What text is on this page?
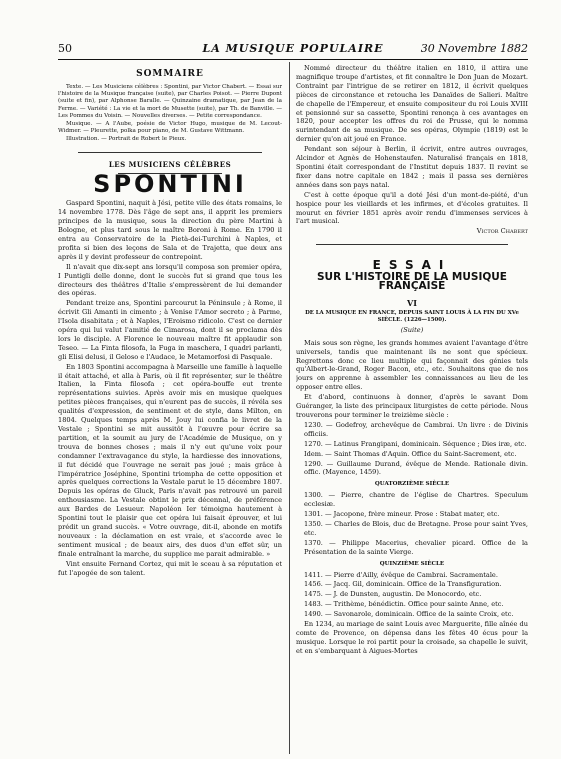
LA MUSIQUE POPULAIRE
50	30 Novembre 1882
SOMMAIRE

Texte. — Les Musiciens célèbres : Spontini, par Victor Chabert. — Essai sur l'histoire de la Musique française (suite), par Charles Poisot. — Pierre Dupont (suite et fin), par Alphonse Baralle. — Quinzaine dramatique, par Jean de la Ferme. — Variété : La vie et la mort de Musette (suite), par Th. de Banville. — Les Pommes du Voisin. — Nouvelles diverses. — Petite correspondance.

Musique. — A l'Aube, poésie de Victor Hugo, musique de M. Lecout-Widmer. — Pleurette, polka pour piano, de M. Gustave Wittmann.

Illustration. — Portrait de Robert le Pieux.

LES MUSICIENS CÉLÈBRES
SPONTINI

Gaspard Spontini, naquit à Jési, petite ville des états romains, le 14 novembre 1778. Dès l'âge de sept ans, il apprit les premiers principes de la musique, sous la direction du père Martini à Bologne, et plus tard sous le maître Boroni à Rome. En 1790 il entra au Conservatoire de la Pietà-dei-Turchini à Naples, et profita si bien des leçons de Sala et de Trajetta, que deux ans après il y devint professeur de contrepoint.

Il n'avait que dix-sept ans lorsqu'il composa son premier opéra, I Puntigli delle donne, dont le succès fut si grand que tous les directeurs des théâtres d'Italie s'empressèrent de lui demander des opéras.

Pendant treize ans, Spontini parcourut la Péninsule ; à Rome, il écrivit Gli Amanti in cimento ; à Venise l'Amor secreto ; à Parme, l'Isola disabitata ; et à Naples, l'Eroismo ridicolo. C'est ce dernier opéra qui lui valut l'amitié de Cimarosa, dont il se proclama dès lors le disciple. A Florence le nouveau maître fit applaudir son Teseo. — La Finta filosofa, la Fuga in maschera, I quadri parlanti, gli Elisi delusi, il Geloso e l'Audace, le Metamorfosi di Pasquale.

En 1803 Spontini accompagna à Marseille une famille à laquelle il était attaché, et alla à Paris, où il fit représenter, sur le théâtre Italien, la Finta filosofa ; cet opéra-bouffe eut trente représentations suivies. Après avoir mis en musique quelques petites pièces françaises, qui n'eurent pas de succès, il révéla ses qualités d'expression, de sentiment et de style, dans Milton, en 1804. Quelques temps après M. Jouy lui confia le livret de la Vestale ; Spontini se mit aussitôt à l'œuvre pour écrire sa partition, et la soumit au jury de l'Académie de Musique, on y trouva de bonnes choses ; mais il n'y eut qu'une voix pour condamner l'extravagance du style, la hardiesse des innovations, il fut décidé que l'ouvrage ne serait pas joué ; mais grâce à l'impératrice Joséphine, Spontini triompha de cette opposition et après quelques corrections la Vestale parut le 15 décembre 1807. Depuis les opéras de Gluck, Paris n'avait pas retrouvé un pareil enthousiasme. La Vestale obtint le prix décennal, de préférence aux Bardes de Lesueur. Napoléon Ier témoigna hautement à Spontini tout le plaisir que cet opéra lui faisait éprouver, et lui prédit un grand succès. « Votre ouvrage, dit-il, abonde en motifs nouveaux : la déclamation en est vraie, et s'accorde avec le sentiment musical ; de beaux airs, des duos d'un effet sûr, un finale entraînant la marche, du supplice me parait admirable. »

Vint ensuite Fernand Cortez, qui mit le sceau à sa réputation et fut l'apogée de son talent.

Nommé directeur du théâtre italien en 1810, il attira une magnifique troupe d'artistes, et fit connaître le Don Juan de Mozart. Contraint par l'intrigue de se retirer en 1812, il écrivit quelques pièces de circonstance et retoucha les Danaïdes de Salieri. Maître de chapelle de l'Empereur, et ensuite compositeur du roi Louis XVIII et pensionné sur sa cassette, Spontini renonça à ces avantages en 1820, pour accepter les offres du roi de Prusse, qui le nomma surintendant de sa musique. De ses opéras, Olympie (1819) est le dernier qu'on ait joué en France.

Pendant son séjour à Berlin, il écrivit, entre autres ouvrages, Alcindor et Agnès de Hohenstaufen. Naturalisé français en 1818, Spontini était correspondant de l'Institut depuis 1837. Il revint se fixer dans notre capitale en 1842 ; mais il passa ses dernières années dans son pays natal.

C'est à cette époque qu'il a doté Jési d'un mont-de-piété, d'un hospice pour les vieillards et les infirmes, et d'écoles gratuites. Il mourut en février 1851 après avoir rendu d'immenses services à l'art musical.

Victor Chabert
ESSAI
SUR L'HISTOIRE DE LA MUSIQUE FRANÇAISE
VI
DE LA MUSIQUE EN FRANCE, DEPUIS SAINT LOUIS À LA FIN DU XVe SIÈCLE. (1226—1500).
(Suite)

Mais sous son règne, les grands hommes avaient l'avantage d'être universels, tandis que maintenant ils ne sont que spécieux. Regrettons donc ce lieu multiple qui façonnait des génies tels qu'Albert-le-Grand, Roger Bacon, etc., etc. Souhaitons que de nos jours on apprenne à assembler les connaissances au lieu de les opposer entre elles.

Et d'abord, continuons à donner, d'après le savant Dom Guéranger, la liste des principaux liturgistes de cette période. Nous trouverons pour terminer le treizième siècle :

1230. — Godefroy, archevêque de Cambrai. Un livre : de Divinis officiis.

1270. — Latinus Frangipani, dominicain. Séquence ; Dies iræ, etc.

Idem. — Saint Thomas d'Aquin. Office du Saint-Sacrement, etc.

1290. — Guillaume Durand, évêque de Mende. Rationale divin. offic. (Mayence, 1459).

QUATORZIÈME SIÈCLE

1300. — Pierre, chantre de l'église de Chartres. Speculum ecclesiæ.

1301. — Jacopone, frère mineur. Prose : Stabat mater, etc.

1350. — Charles de Blois, duc de Bretagne. Prose pour saint Yves, etc.

1370. — Philippe Macerius, chevalier picard. Office de la Présentation de la sainte Vierge.

QUINZIÈME SIÈCLE

1411. — Pierre d'Ailly, évêque de Cambrai. Sacramentale.

1456. — Jacq. Gil, dominicain. Office de la Transfiguration.

1475. — J. de Dunsten, augustin. De Monocordo, etc.

1483. — Trithème, bénédictin. Office pour sainte Anne, etc.

1490. — Savonarole, dominicain. Office de la sainte Croix, etc.

En 1234, au mariage de saint Louis avec Marguerite, fille aînée du comte de Provence, on dépensa dans les fêtes 40 écus pour la musique. Lorsque le roi partit pour la croisade, sa chapelle le suivit, et en s'embarquant à Aigues-Mortes
